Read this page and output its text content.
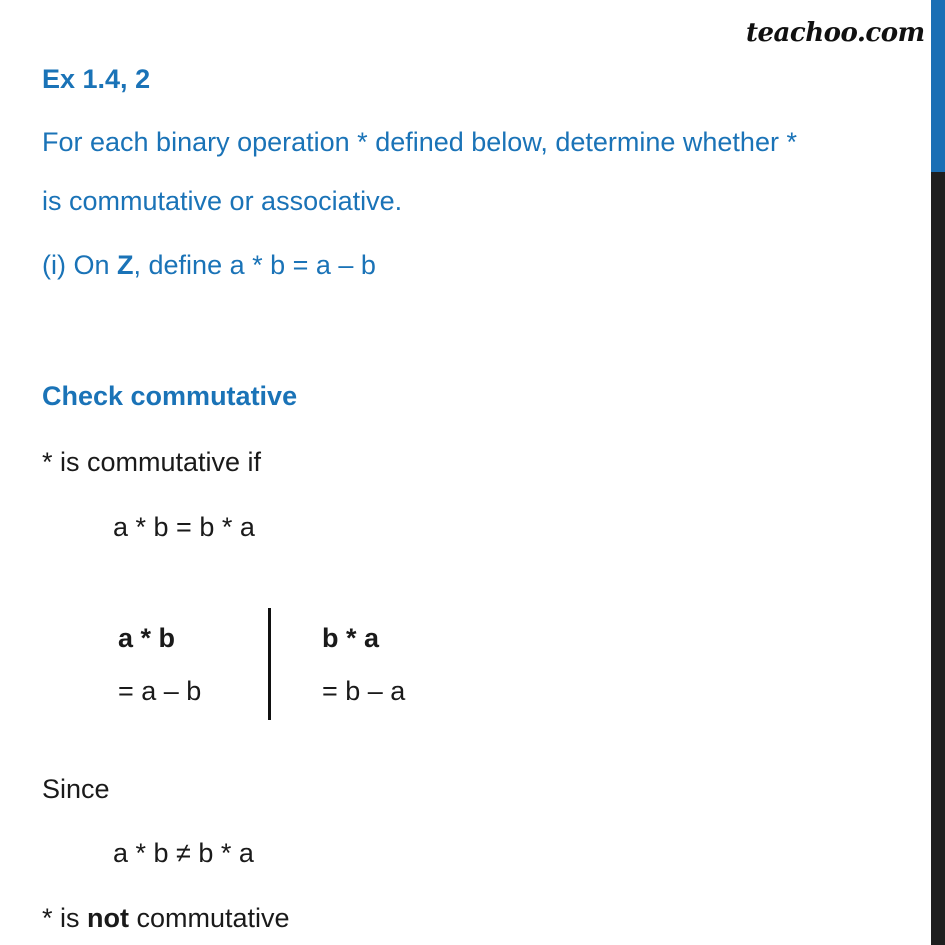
teachoo.com
Ex 1.4, 2
For each binary operation * defined below, determine whether *
is commutative or associative.
(i) On Z, define a * b = a – b
Check commutative
* is commutative if
a * b = b * a
a * b
= a – b
b * a
= b – a
Since
a * b ≠ b * a
* is not commutative
